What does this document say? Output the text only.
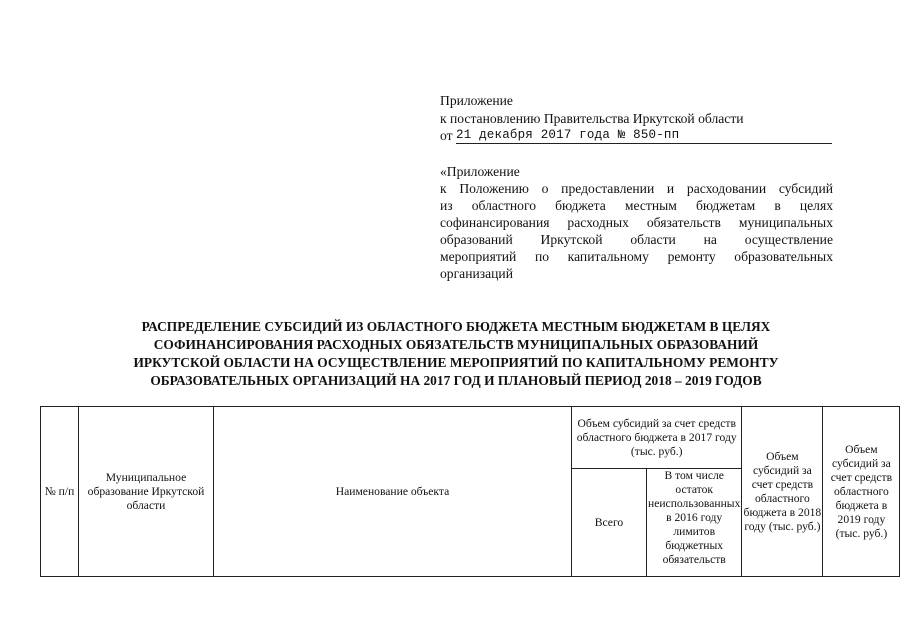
Приложение
к постановлению Правительства Иркутской области
от 21 декабря 2017 года № 850-пп
«Приложение
к Положению о предоставлении и расходовании субсидий
из областного бюджета местным бюджетам в целях
софинансирования расходных обязательств муниципальных
образований Иркутской области на осуществление
мероприятий по капитальному ремонту образовательных
организаций
РАСПРЕДЕЛЕНИЕ СУБСИДИЙ ИЗ ОБЛАСТНОГО БЮДЖЕТА МЕСТНЫМ БЮДЖЕТАМ В ЦЕЛЯХ
СОФИНАНСИРОВАНИЯ РАСХОДНЫХ ОБЯЗАТЕЛЬСТВ МУНИЦИПАЛЬНЫХ ОБРАЗОВАНИЙ
ИРКУТСКОЙ ОБЛАСТИ НА ОСУЩЕСТВЛЕНИЕ МЕРОПРИЯТИЙ ПО КАПИТАЛЬНОМУ РЕМОНТУ
ОБРАЗОВАТЕЛЬНЫХ ОРГАНИЗАЦИЙ НА 2017 ГОД И ПЛАНОВЫЙ ПЕРИОД 2018 – 2019 ГОДОВ
№ п/п	Муниципальное образование Иркутской области	Наименование объекта	Объем субсидий за счет средств областного бюджета в 2017 году (тыс. руб.)		Объем субсидий за счет средств областного бюджета в 2018 году (тыс. руб.)	Объем субсидий за счет средств областного бюджета в 2019 году (тыс. руб.)
			Всего	В том числе остаток неиспользованных в 2016 году лимитов бюджетных обязательств		
